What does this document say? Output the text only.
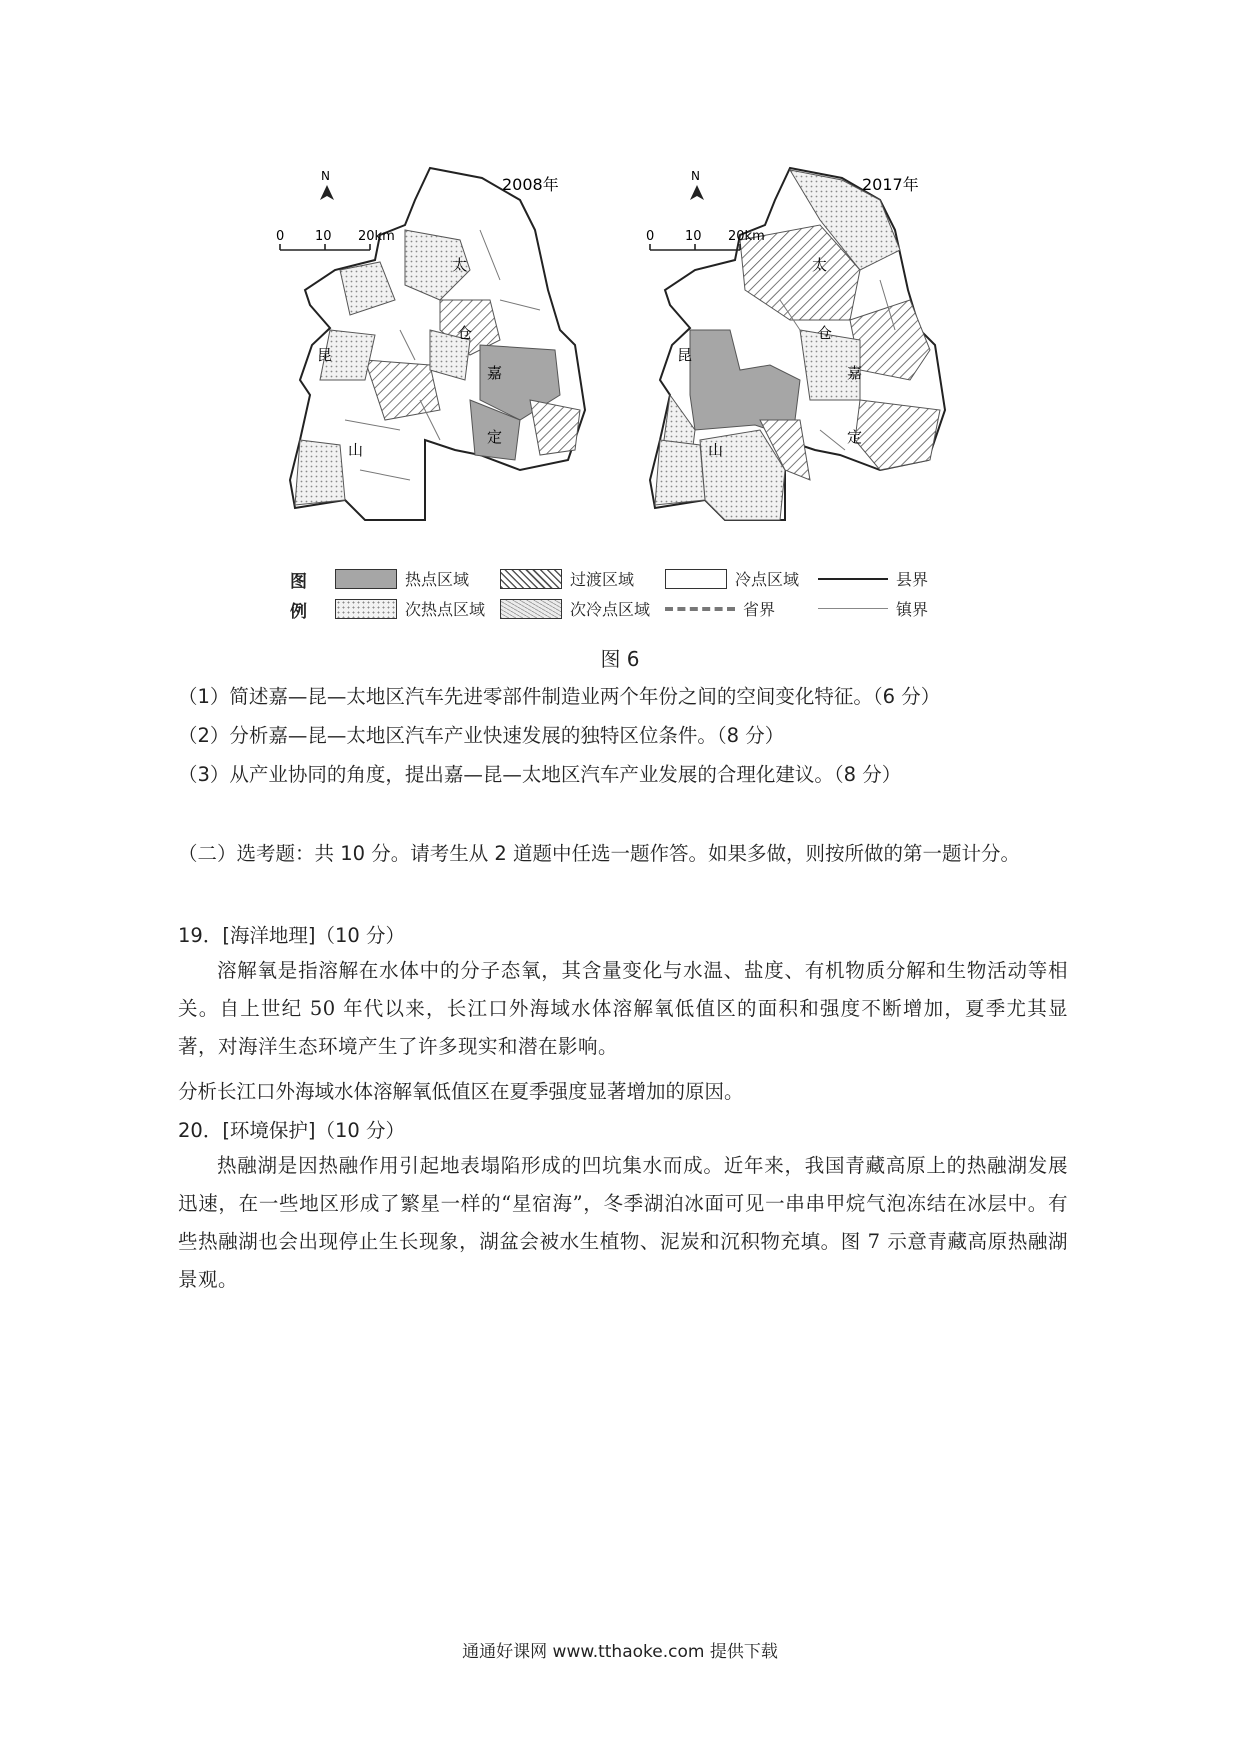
2008年
太
仓
嘉
定
昆
山
N
0 10 20km
2017年
太
仓
嘉
定
昆
山
N
0 10 20km
图
例
热点区域	过渡区域	冷点区域	县界
次热点区域	次冷点区域	省界	镇界
图 6
（1）简述嘉—昆—太地区汽车先进零部件制造业两个年份之间的空间变化特征。（6 分）
（2）分析嘉—昆—太地区汽车产业快速发展的独特区位条件。（8 分）
（3）从产业协同的角度，提出嘉—昆—太地区汽车产业发展的合理化建议。（8 分）
（二）选考题：共 10 分。请考生从 2 道题中任选一题作答。如果多做，则按所做的第一题计分。
19．[海洋地理]（10 分）
溶解氧是指溶解在水体中的分子态氧，其含量变化与水温、盐度、有机物质分解和生物活动等相关。自上世纪 50 年代以来，长江口外海域水体溶解氧低值区的面积和强度不断增加，夏季尤其显著，对海洋生态环境产生了许多现实和潜在影响。
分析长江口外海域水体溶解氧低值区在夏季强度显著增加的原因。
20．[环境保护]（10 分）
热融湖是因热融作用引起地表塌陷形成的凹坑集水而成。近年来，我国青藏高原上的热融湖发展迅速，在一些地区形成了繁星一样的“星宿海”，冬季湖泊冰面可见一串串甲烷气泡冻结在冰层中。有些热融湖也会出现停止生长现象，湖盆会被水生植物、泥炭和沉积物充填。图 7 示意青藏高原热融湖景观。
通通好课网 www.tthaoke.com 提供下载
